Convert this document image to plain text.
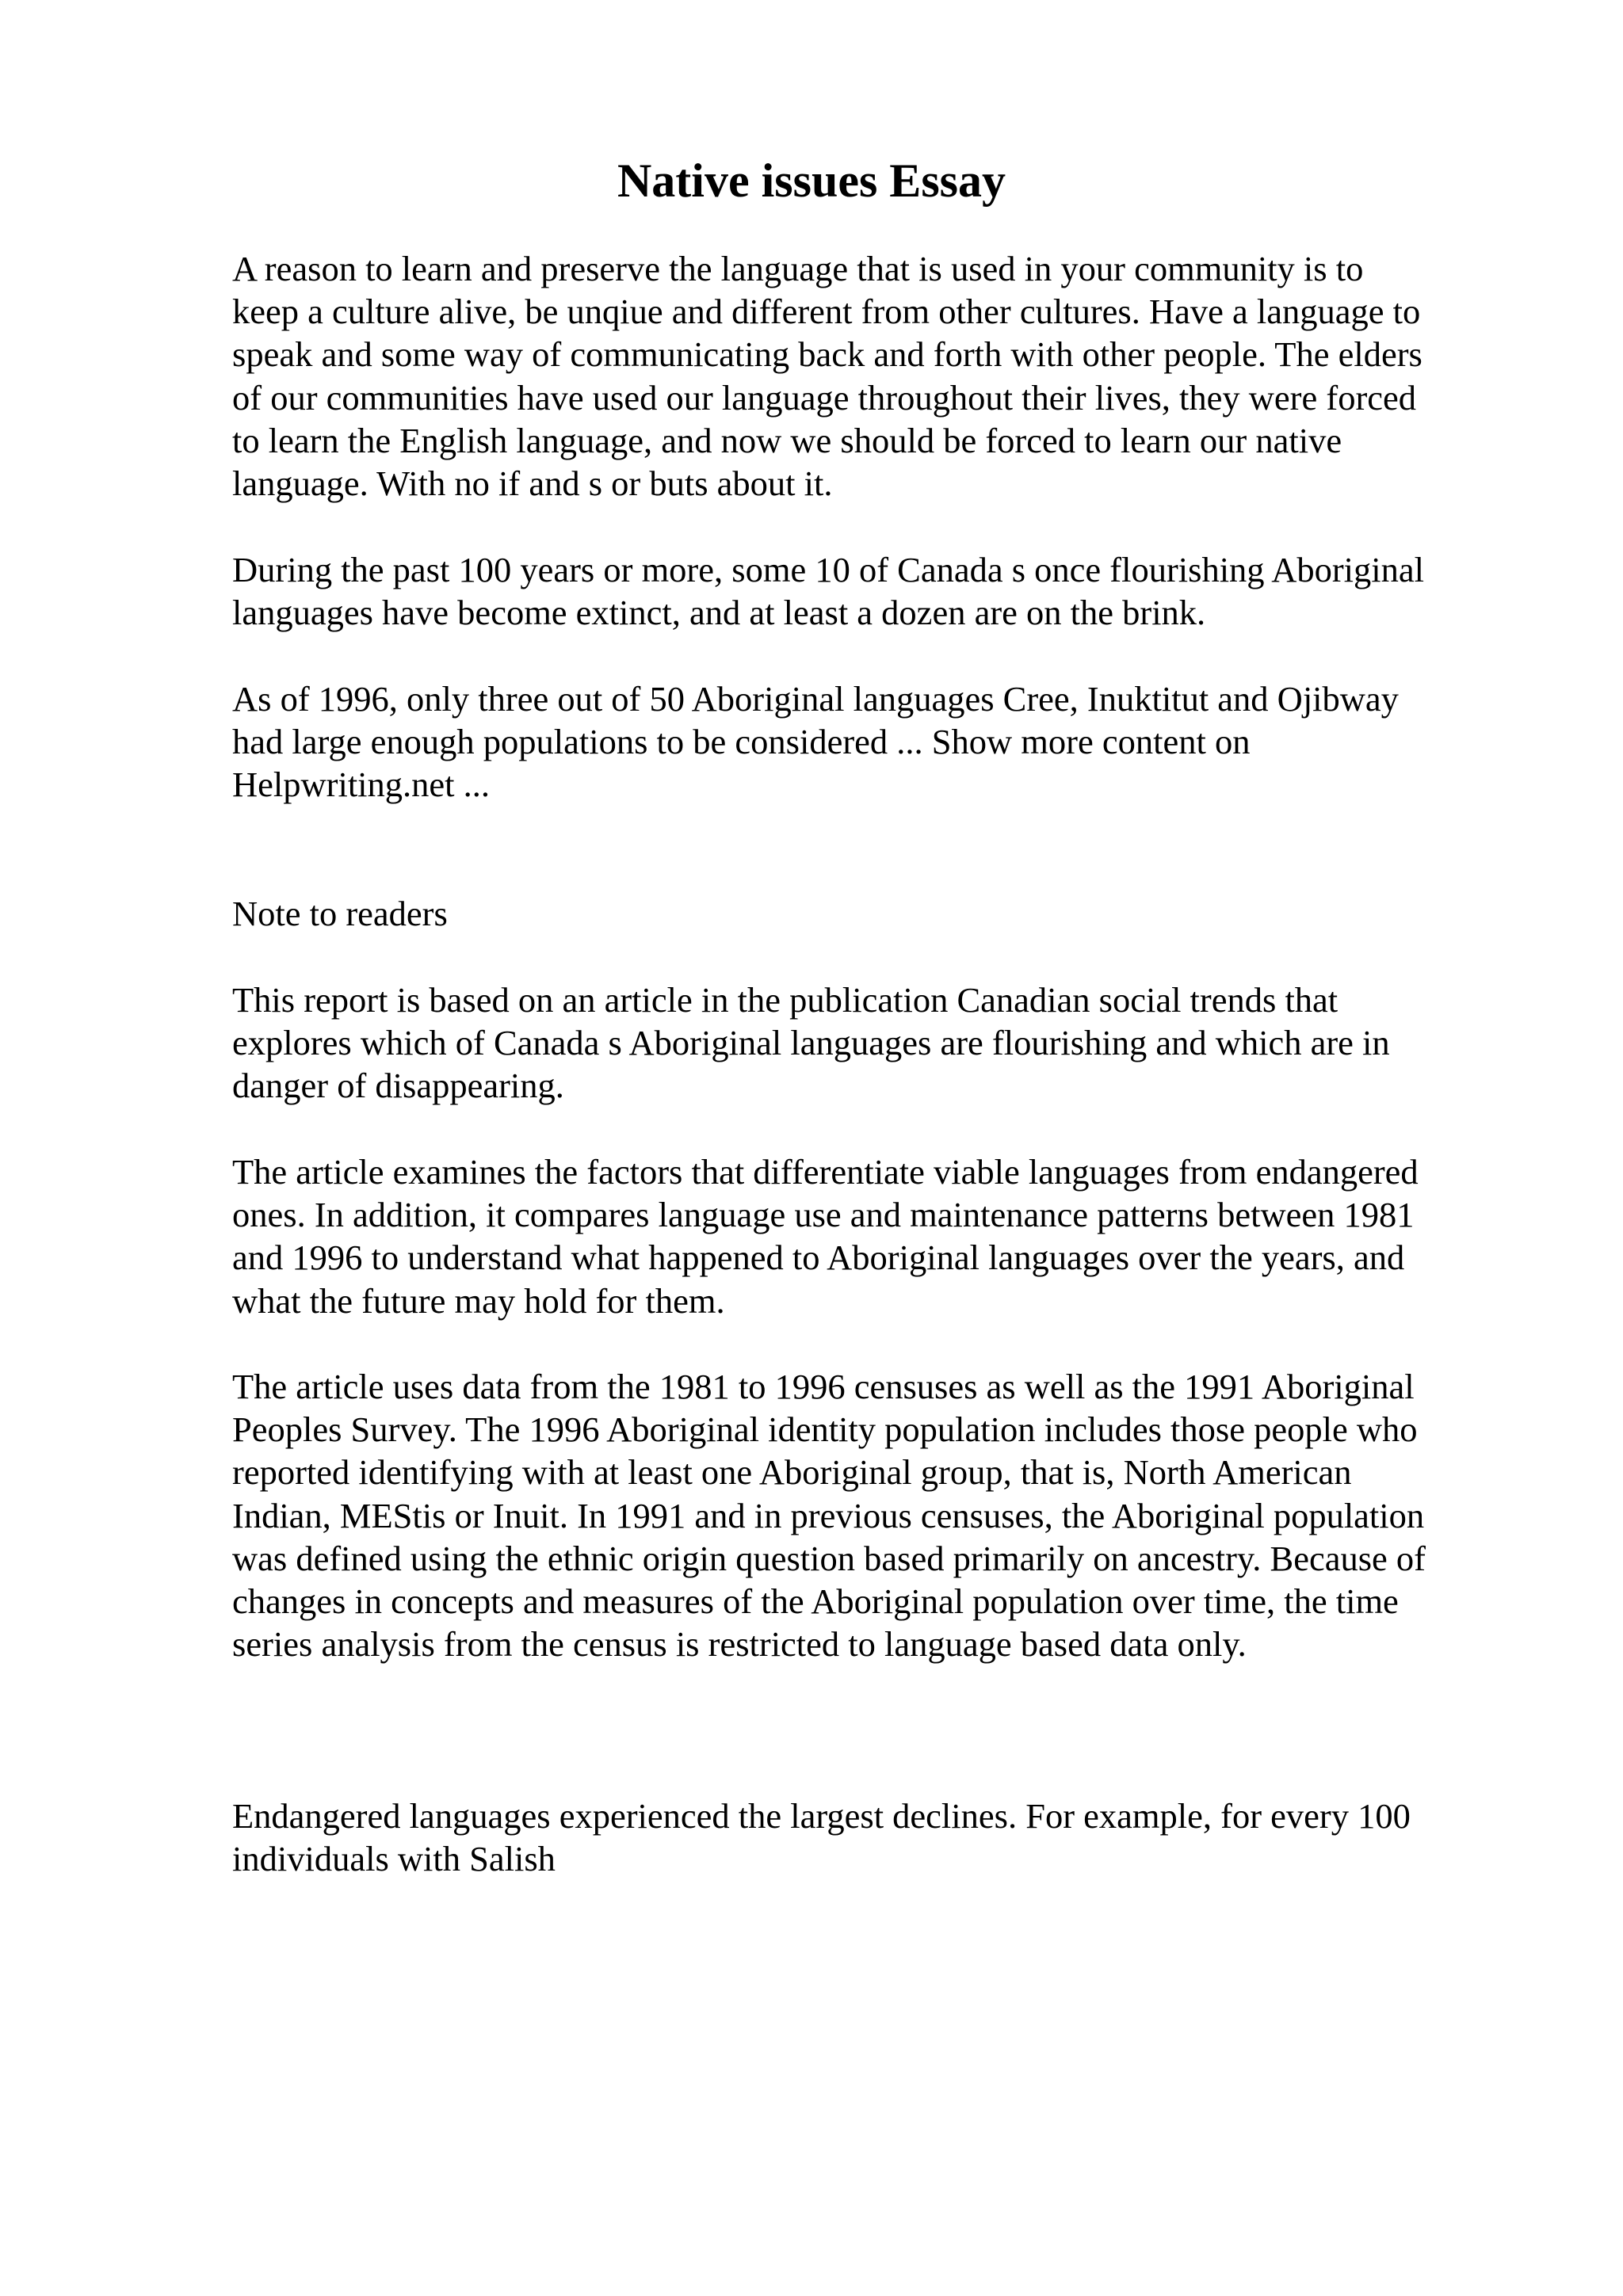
Native issues Essay

A reason to learn and preserve the language that is used in your community is to
keep a culture alive, be unqiue and different from other cultures. Have a language to
speak and some way of communicating back and forth with other people. The elders
of our communities have used our language throughout their lives, they were forced
to learn the English language, and now we should be forced to learn our native
language. With no if and s or buts about it.

During the past 100 years or more, some 10 of Canada s once flourishing Aboriginal
languages have become extinct, and at least a dozen are on the brink.

As of 1996, only three out of 50 Aboriginal languages Cree, Inuktitut and Ojibway
had large enough populations to be considered ... Show more content on
Helpwriting.net ...

Note to readers

This report is based on an article in the publication Canadian social trends that
explores which of Canada s Aboriginal languages are flourishing and which are in
danger of disappearing.

The article examines the factors that differentiate viable languages from endangered
ones. In addition, it compares language use and maintenance patterns between 1981
and 1996 to understand what happened to Aboriginal languages over the years, and
what the future may hold for them.

The article uses data from the 1981 to 1996 censuses as well as the 1991 Aboriginal
Peoples Survey. The 1996 Aboriginal identity population includes those people who
reported identifying with at least one Aboriginal group, that is, North American
Indian, MEStis or Inuit. In 1991 and in previous censuses, the Aboriginal population
was defined using the ethnic origin question based primarily on ancestry. Because of
changes in concepts and measures of the Aboriginal population over time, the time
series analysis from the census is restricted to language based data only.

Endangered languages experienced the largest declines. For example, for every 100
individuals with Salish
